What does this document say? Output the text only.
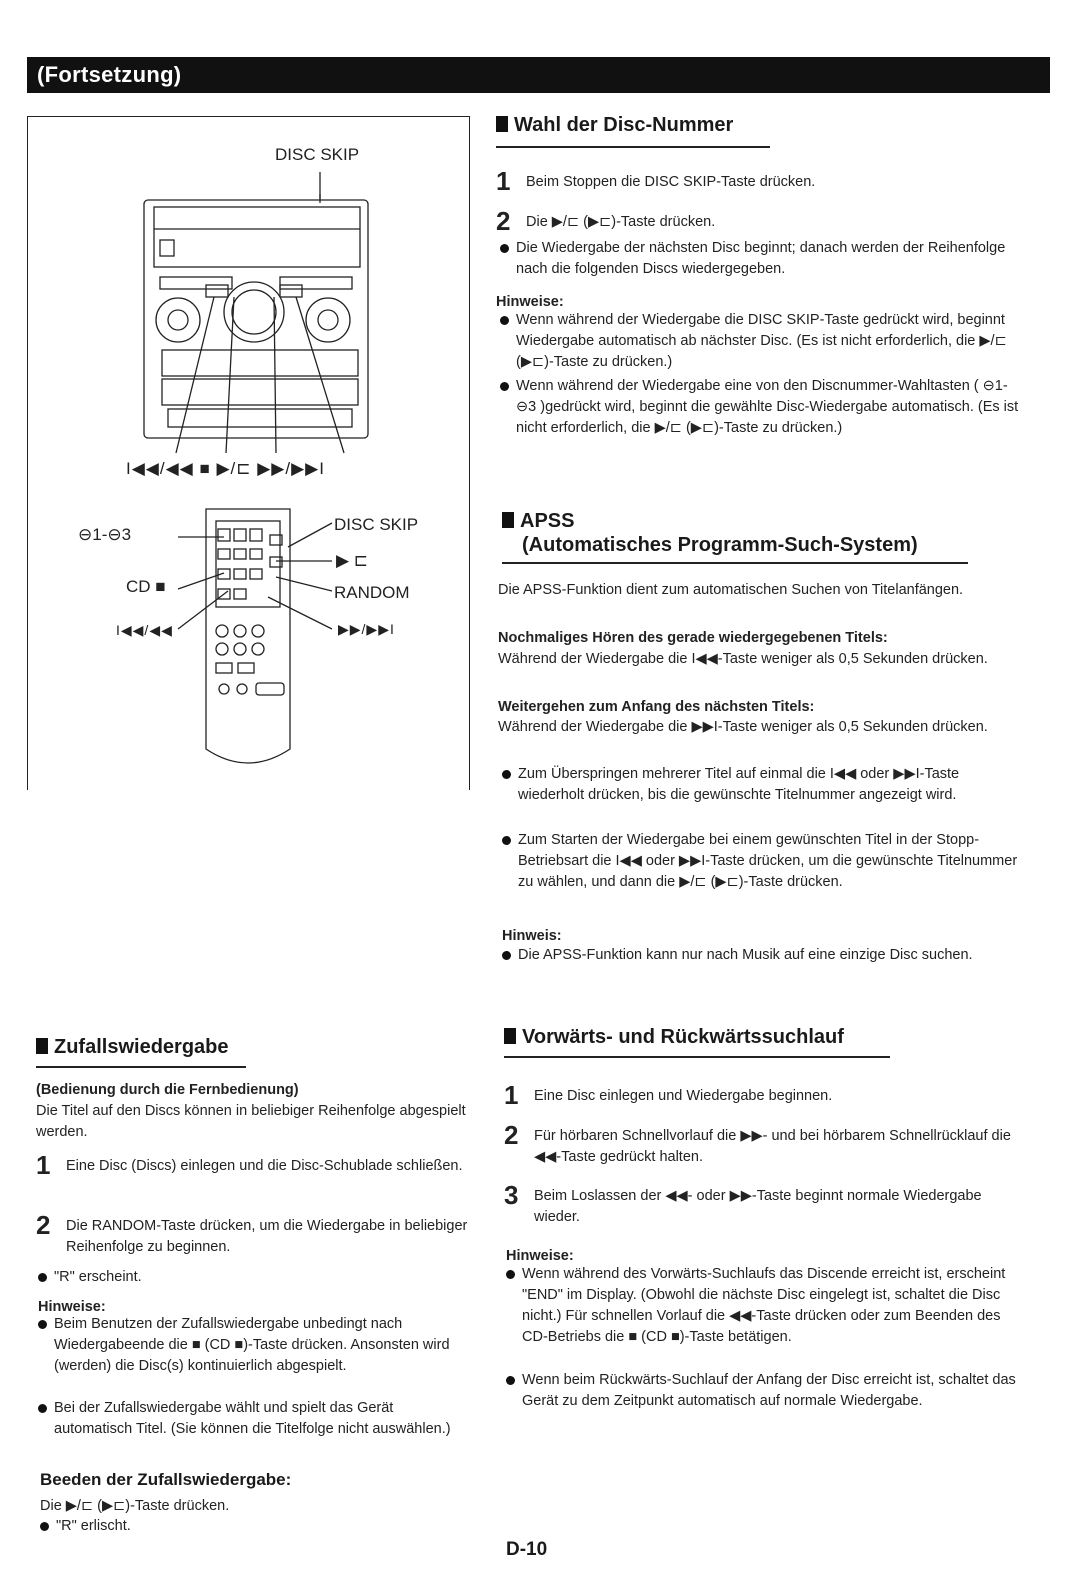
(Fortsetzung)
DISC SKIP
I◀◀/◀◀ ■ ▶/⊏ ▶▶/▶▶I
⊖1-⊖3
CD ■
I◀◀/◀◀
DISC SKIP
▶ ⊏
RANDOM
▶▶/▶▶I
Wahl der Disc-Nummer
1 Beim Stoppen die DISC SKIP-Taste drücken.
2 Die ▶/⊏ (▶⊏)-Taste drücken.
Die Wiedergabe der nächsten Disc beginnt; danach werden der Reihenfolge nach die folgenden Discs wiedergegeben.
Hinweise:
Wenn während der Wiedergabe die DISC SKIP-Taste gedrückt wird, beginnt Wiedergabe automatisch ab nächster Disc. (Es ist nicht erforderlich, die ▶/⊏ (▶⊏)-Taste zu drücken.)
Wenn während der Wiedergabe eine von den Discnummer-Wahltasten ( ⊖1- ⊖3 )gedrückt wird, beginnt die gewählte Disc-Wiedergabe automatisch. (Es ist nicht erforderlich, die ▶/⊏ (▶⊏)-Taste zu drücken.)
APSS
(Automatisches Programm-Such-System)
Die APSS-Funktion dient zum automatischen Suchen von Titelanfängen.
Nochmaliges Hören des gerade wiedergegebenen Titels:
Während der Wiedergabe die I◀◀-Taste weniger als 0,5 Sekunden drücken.
Weitergehen zum Anfang des nächsten Titels:
Während der Wiedergabe die ▶▶I-Taste weniger als 0,5 Sekunden drücken.
Zum Überspringen mehrerer Titel auf einmal die I◀◀ oder ▶▶I-Taste wiederholt drücken, bis die gewünschte Titelnummer angezeigt wird.
Zum Starten der Wiedergabe bei einem gewünschten Titel in der Stopp-Betriebsart die I◀◀ oder ▶▶I-Taste drücken, um die gewünschte Titelnummer zu wählen, und dann die ▶/⊏ (▶⊏)-Taste drücken.
Hinweis:
Die APSS-Funktion kann nur nach Musik auf eine einzige Disc suchen.
Zufallswiedergabe
(Bedienung durch die Fernbedienung)
Die Titel auf den Discs können in beliebiger Reihenfolge abgespielt werden.
1 Eine Disc (Discs) einlegen und die Disc-Schublade schließen.
2 Die RANDOM-Taste drücken, um die Wiedergabe in beliebiger Reihenfolge zu beginnen.
"R" erscheint.
Hinweise:
Beim Benutzen der Zufallswiedergabe unbedingt nach Wiedergabeende die ■ (CD ■)-Taste drücken. Ansonsten wird (werden) die Disc(s) kontinuierlich abgespielt.
Bei der Zufallswiedergabe wählt und spielt das Gerät automatisch Titel. (Sie können die Titelfolge nicht auswählen.)
Beeden der Zufallswiedergabe:
Die ▶/⊏ (▶⊏)-Taste drücken.
"R" erlischt.
Vorwärts- und Rückwärtssuchlauf
1 Eine Disc einlegen und Wiedergabe beginnen.
2 Für hörbaren Schnellvorlauf die ▶▶- und bei hörbarem Schnellrücklauf die ◀◀-Taste gedrückt halten.
3 Beim Loslassen der ◀◀- oder ▶▶-Taste beginnt normale Wiedergabe wieder.
Hinweise:
Wenn während des Vorwärts-Suchlaufs das Discende erreicht ist, erscheint "END" im Display. (Obwohl die nächste Disc eingelegt ist, schaltet die Disc nicht.) Für schnellen Vorlauf die ◀◀-Taste drücken oder zum Beenden des CD-Betriebs die ■ (CD ■)-Taste betätigen.
Wenn beim Rückwärts-Suchlauf der Anfang der Disc erreicht ist, schaltet das Gerät zu dem Zeitpunkt automatisch auf normale Wiedergabe.
D-10
